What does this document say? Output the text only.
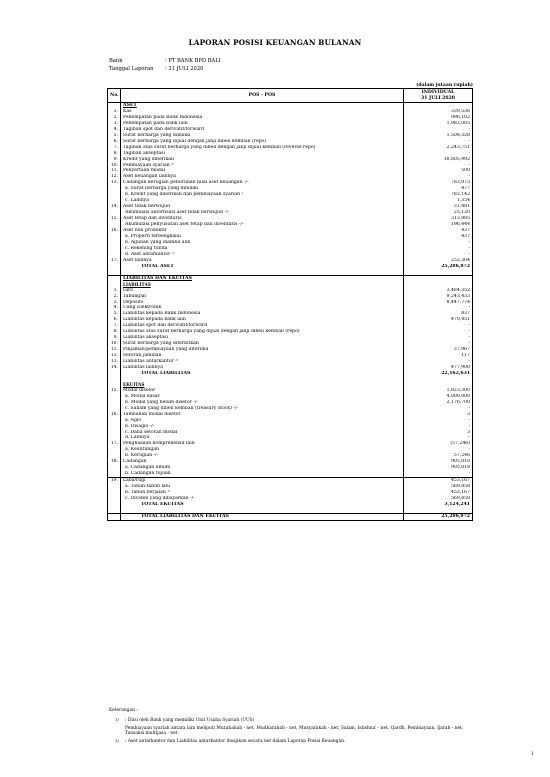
LAPORAN POSISI KEUANGAN BULANAN
Bank	: PT BANK BPD BALI
Tanggal Laporan : 31 JULI 2020
(dalam jutaan rupiah)
No.	POS - POS	INDIVIDUAL
31 JULI 2020

	ASET	
1.	Kas	339,536
2.	Penempatan pada Bank Indonesia	996,102
3.	Penempatan pada bank lain	1,983,005
4.	Tagihan spot dan derivatif/forward	-
5.	Surat berharga yang dimiliki	1,508,328
6.	Surat berharga yang dijual dengan janji dibeli kembali (repo)	-
7.	Tagihan atas surat berharga yang dibeli dengan janji dijual kembali (reverse repo)	2,243,751
8.	Tagihan akseptasi	-
9.	Kredit yang diberikan	18,805,992
10.	Pembiayaan syariah ¹⁾	-
11.	Penyertaan modal	500
12.	Aset keuangan lainnya	-
13.	Cadangan kerugian penurunan nilai aset keuangan -/-	783,973
	a. Surat berharga yang dimiliki	477
	b. Kredit yang diberikan dan pembiayaan syariah ¹	782,142
	c. Lainnya	1,354
14.	Aset tidak berwujud	31,481
	Akumulasi amortisasi aset tidak berwujud -/-	25,120
15.	Aset tetap dan inventaris	313,885
	Akumulasi penyusutan aset tetap dan inventaris -/-	196,444
16.	Aset non produktif	437
	a. Properti terbengkalai	437
	b. Agunan yang diambil alih	-
	c. Rekening tunda	-
	d. Aset antarkantor ²⁾	-
17.	Aset lainnya	252,304
	TOTAL ASET	25,286,872

	LIABILITAS DAN EKUITAS	
	LIABILITAS	
1.	Giro	3,484,352
2.	Tabungan	9,243,433
3.	Deposito	8,447,774
4.	Uang Elektronik	-
5.	Liabilitas kepada Bank Indonesia	837
6.	Liabilitas kepada bank lain	470,451
7.	Liabilitas spot dan derivatif/forward	-
8.	Liabilitas atas surat berharga yang dijual dengan janji dibeli kembali (repo)	-
9.	Liabilitas akseptasi	-
10.	Surat berharga yang diterbitkan	-
11.	Pinjaman/pembiayaan yang diterima	37,967
12.	Setoran jaminan	117
13.	Liabilitas antarkantor ²⁾	-
14.	Liabilitas lainnya	477,900
	TOTAL LIABILITAS	22,162,631

	EKUITAS	
15.	Modal disetor	1,823,300
	a. Modal dasar	4,000,000
	b. Modal yang belum disetor -/-	2,176,700
	c. Saham yang dibeli kembali (treasury stock) -/-	-
16.	Tambahan modal disetor	3
	a. Agio	-
	b. Disagio -/-	-
	c. Dana setoran modal	3
	d. Lainnya	-
17.	Penghasilan komprehensif lain	(57,246)
	a. Keuntungan	-
	b. Kerugian -/-	57,246
18.	Cadangan	905,018
	a. Cadangan umum	905,018
	b. Cadangan tujuan	-
19.	Laba/rugi	453,167
	a. Tahun-tahun lalu	569,858
	b. Tahun berjalan ³⁾	453,167
	c. Dividen yang dibayarkan -/-	569,858
	TOTAL EKUITAS	3,124,241

	TOTAL LIABILITAS DAN EKUITAS	25,286,872
Keterangan :
1)	: Diisi oleh Bank yang memiliki Unit Usaha Syariah (UUS)
Pembiayaan syariah antara lain meliputi Murabahah - net, Mudharabah - net, Musyarakah - net, Salam, Istishna' - net, Qardh, Pembiayaan, Ijarah - net, Tansaksi multijasa - net.
2)	: Aset antarkantor dan Liabilitas antarkantor disajikan secara net dalam Laporan Posisi Keuangan.
1
